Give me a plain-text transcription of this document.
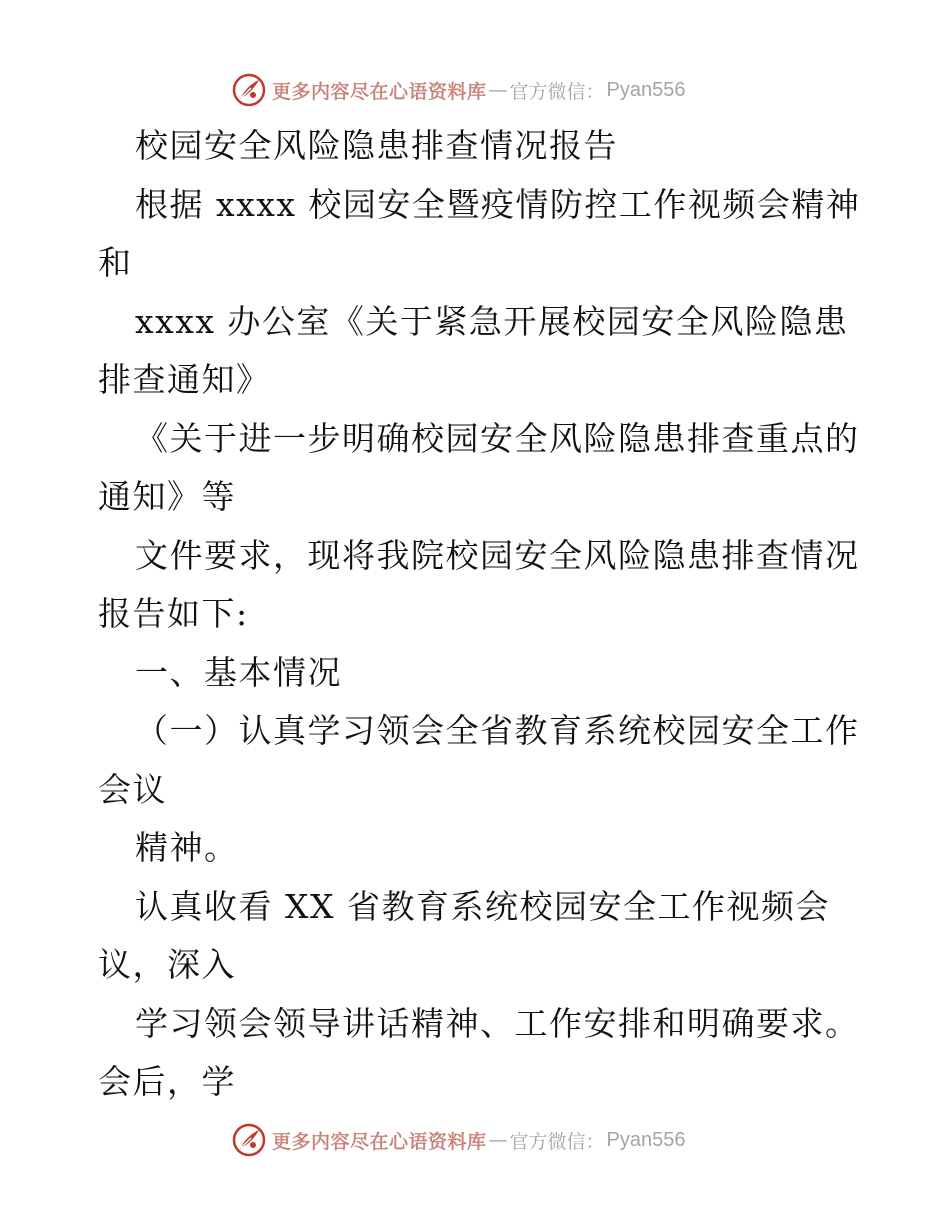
更多内容尽在心语资料库 — 官方微信： Pyan556
校园安全风险隐患排查情况报告
根据 xxxx 校园安全暨疫情防控工作视频会精神
和
xxxx 办公室《关于紧急开展校园安全风险隐患
排查通知》
《关于进一步明确校园安全风险隐患排查重点的
通知》等
文件要求，现将我院校园安全风险隐患排查情况
报告如下:
一、基本情况
（一）认真学习领会全省教育系统校园安全工作
会议
精神。
认真收看 XX 省教育系统校园安全工作视频会
议，深入
学习领会领导讲话精神、工作安排和明确要求。
会后，学
更多内容尽在心语资料库 — 官方微信： Pyan556
